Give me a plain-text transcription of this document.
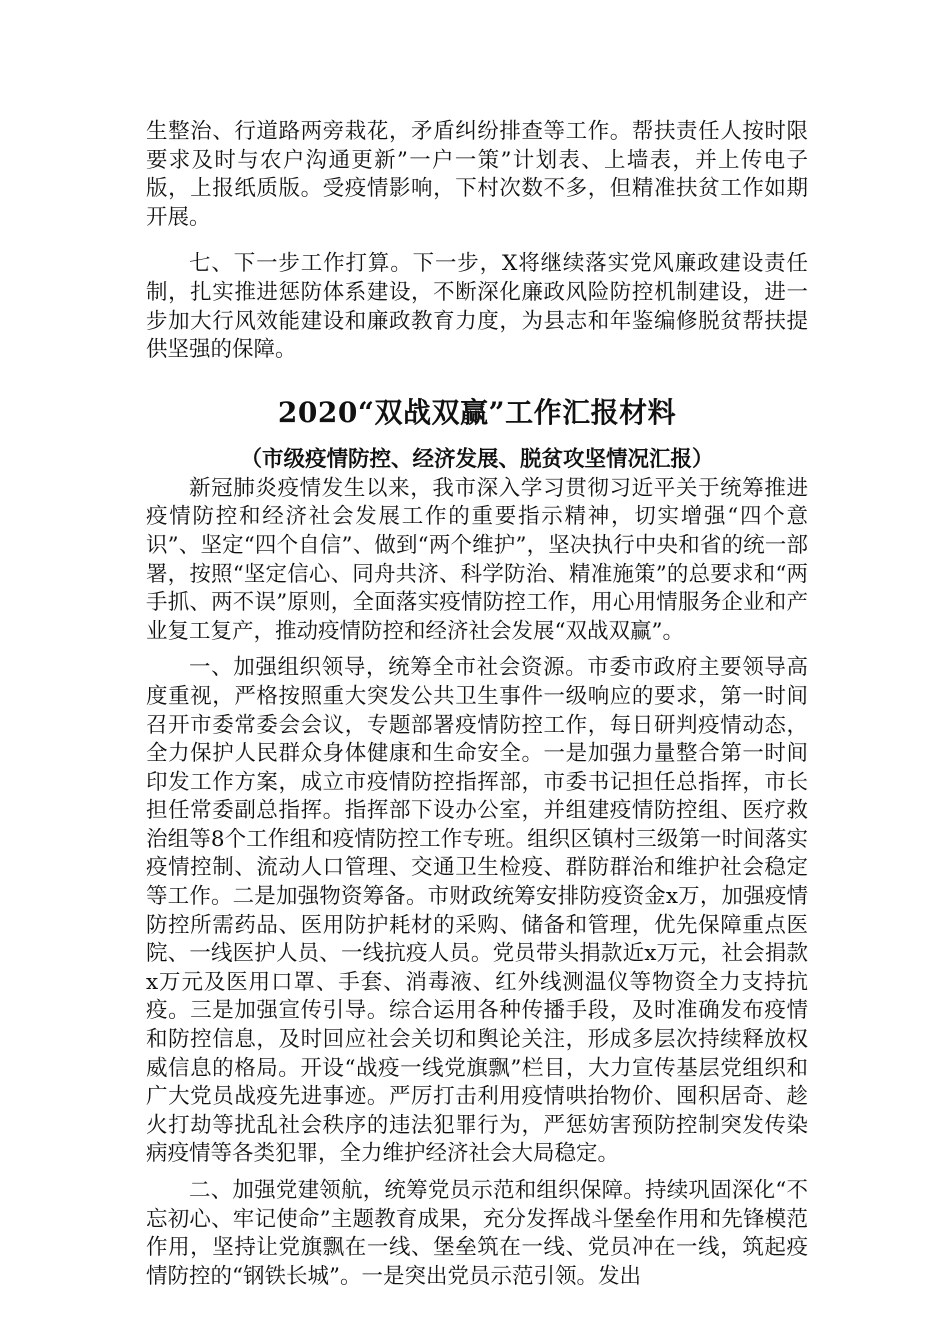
生整治、行道路两旁栽花，矛盾纠纷排查等工作。帮扶责任人按时限要求及时与农户沟通更新”一户一策”计划表、上墙表，并上传电子版，上报纸质版。受疫情影响，下村次数不多，但精准扶贫工作如期开展。

七、下一步工作打算。下一步，X将继续落实党风廉政建设责任制，扎实推进惩防体系建设，不断深化廉政风险防控机制建设，进一步加大行风效能建设和廉政教育力度，为县志和年鉴编修脱贫帮扶提供坚强的保障。

2020“双战双赢”工作汇报材料
（市级疫情防控、经济发展、脱贫攻坚情况汇报）

新冠肺炎疫情发生以来，我市深入学习贯彻习近平关于统筹推进疫情防控和经济社会发展工作的重要指示精神，切实增强“四个意识”、坚定“四个自信”、做到“两个维护”，坚决执行中央和省的统一部署，按照“坚定信心、同舟共济、科学防治、精准施策”的总要求和“两手抓、两不误”原则，全面落实疫情防控工作，用心用情服务企业和产业复工复产，推动疫情防控和经济社会发展“双战双赢”。

一、加强组织领导，统筹全市社会资源。市委市政府主要领导高度重视，严格按照重大突发公共卫生事件一级响应的要求，第一时间召开市委常委会会议，专题部署疫情防控工作，每日研判疫情动态，全力保护人民群众身体健康和生命安全。一是加强力量整合第一时间印发工作方案，成立市疫情防控指挥部，市委书记担任总指挥，市长担任常委副总指挥。指挥部下设办公室，并组建疫情防控组、医疗救治组等8个工作组和疫情防控工作专班。组织区镇村三级第一时间落实疫情控制、流动人口管理、交通卫生检疫、群防群治和维护社会稳定等工作。二是加强物资筹备。市财政统筹安排防疫资金x万，加强疫情防控所需药品、医用防护耗材的采购、储备和管理，优先保障重点医院、一线医护人员、一线抗疫人员。党员带头捐款近x万元，社会捐款x万元及医用口罩、手套、消毒液、红外线测温仪等物资全力支持抗疫。三是加强宣传引导。综合运用各种传播手段，及时准确发布疫情和防控信息，及时回应社会关切和舆论关注，形成多层次持续释放权威信息的格局。开设“战疫一线党旗飘”栏目，大力宣传基层党组织和广大党员战疫先进事迹。严厉打击利用疫情哄抬物价、囤积居奇、趁火打劫等扰乱社会秩序的违法犯罪行为，严惩妨害预防控制突发传染病疫情等各类犯罪，全力维护经济社会大局稳定。

二、加强党建领航，统筹党员示范和组织保障。持续巩固深化“不忘初心、牢记使命”主题教育成果，充分发挥战斗堡垒作用和先锋模范作用，坚持让党旗飘在一线、堡垒筑在一线、党员冲在一线，筑起疫情防控的“钢铁长城”。一是突出党员示范引领。发出
